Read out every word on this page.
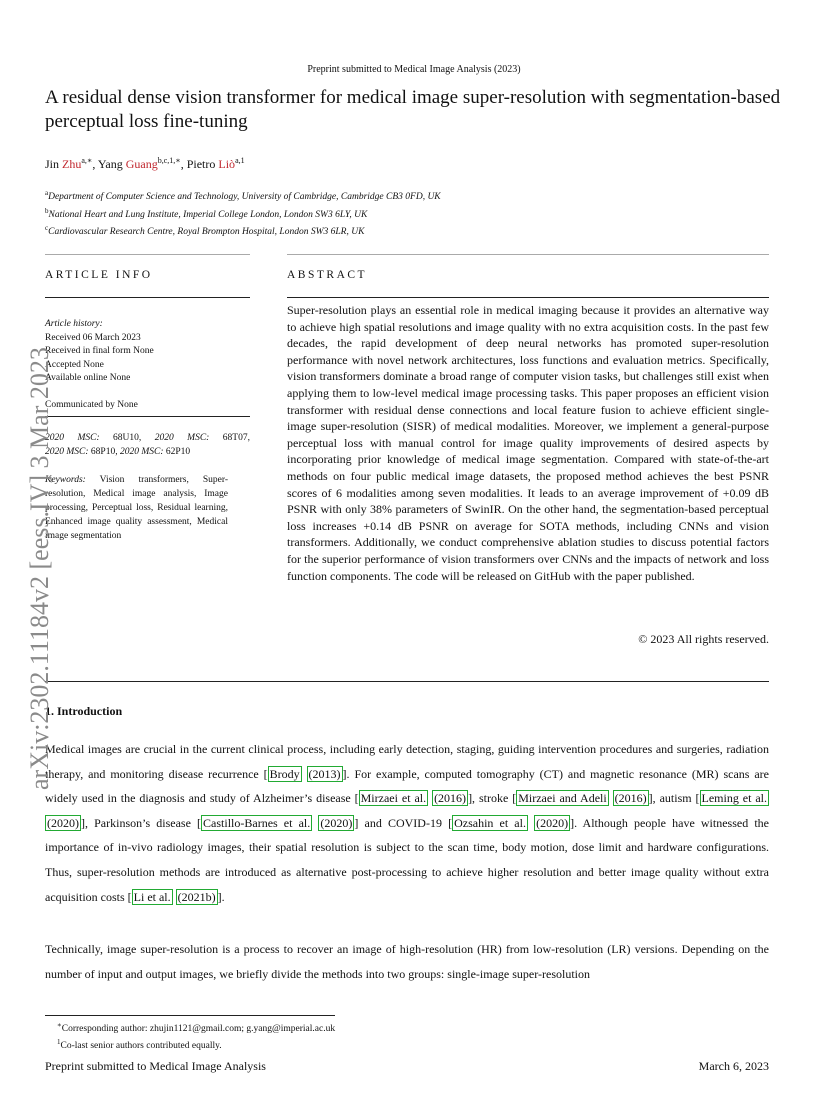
Preprint submitted to Medical Image Analysis (2023)
A residual dense vision transformer for medical image super-resolution with segmentation-based perceptual loss fine-tuning
Jin Zhu$^{a,∗}$, Yang Guang$^{b,c,1,∗}$, Pietro Liò$^{a,1}$
$^a$Department of Computer Science and Technology, University of Cambridge, Cambridge CB3 0FD, UK
$^b$National Heart and Lung Institute, Imperial College London, London SW3 6LY, UK
$^c$Cardiovascular Research Centre, Royal Brompton Hospital, London SW3 6LR, UK
ARTICLE INFO	ABSTRACT
Article history:
Received 06 March 2023
Received in final form None
Accepted None
Available online None
Communicated by None
2020 MSC: 68U10, 2020 MSC: 68T07,
2020 MSC: 68P10, 2020 MSC: 62P10
Keywords: Vision transformers, Super-resolution, Medical image analysis, Image processing, Perceptual loss, Residual learning, Enhanced image quality assessment, Medical image segmentation
Super-resolution plays an essential role in medical imaging because it provides an alternative way to achieve high spatial resolutions and image quality with no extra acquisition costs. In the past few decades, the rapid development of deep neural networks has promoted super-resolution performance with novel network architectures, loss functions and evaluation metrics. Specifically, vision transformers dominate a broad range of computer vision tasks, but challenges still exist when applying them to low-level medical image processing tasks. This paper proposes an efficient vision transformer with residual dense connections and local feature fusion to achieve efficient single-image super-resolution (SISR) of medical modalities. Moreover, we implement a general-purpose perceptual loss with manual control for image quality improvements of desired aspects by incorporating prior knowledge of medical image segmentation. Compared with state-of-the-art methods on four public medical image datasets, the proposed method achieves the best PSNR scores of 6 modalities among seven modalities. It leads to an average improvement of +0.09 dB PSNR with only 38% parameters of SwinIR. On the other hand, the segmentation-based perceptual loss increases +0.14 dB PSNR on average for SOTA methods, including CNNs and vision transformers. Additionally, we conduct comprehensive ablation studies to discuss potential factors for the superior performance of vision transformers over CNNs and the impacts of network and loss function components. The code will be released on GitHub with the paper published.
© 2023 All rights reserved.
1. Introduction
Medical images are crucial in the current clinical process, including early detection, staging, guiding intervention procedures and surgeries, radiation therapy, and monitoring disease recurrence [ Brody (2013) ]. For example, computed tomography (CT) and magnetic resonance (MR) scans are widely used in the diagnosis and study of Alzheimer’s disease [ Mirzaei et al. (2016) ], stroke [ Mirzaei and Adeli (2016) ], autism [ Leming et al. (2020) ], Parkinson’s disease [ Castillo-Barnes et al. (2020) ] and COVID-19 [ Ozsahin et al. (2020) ]. Although people have witnessed the importance of in-vivo radiology images, their spatial resolution is subject to the scan time, body motion, dose limit and hardware configurations. Thus, super-resolution methods are introduced as alternative post-processing to achieve higher resolution and better image quality without extra acquisition costs [ Li et al. (2021b) ].
Technically, image super-resolution is a process to recover an image of high-resolution (HR) from low-resolution (LR) versions. Depending on the number of input and output images, we briefly divide the methods into two groups: single-image super-resolution
∗Corresponding author: zhujin1121@gmail.com; g.yang@imperial.ac.uk
$^1$Co-last senior authors contributed equally.
Preprint submitted to Medical Image Analysis	March 6, 2023
arXiv:2302.11184v2 [eess.IV] 3 Mar 2023
